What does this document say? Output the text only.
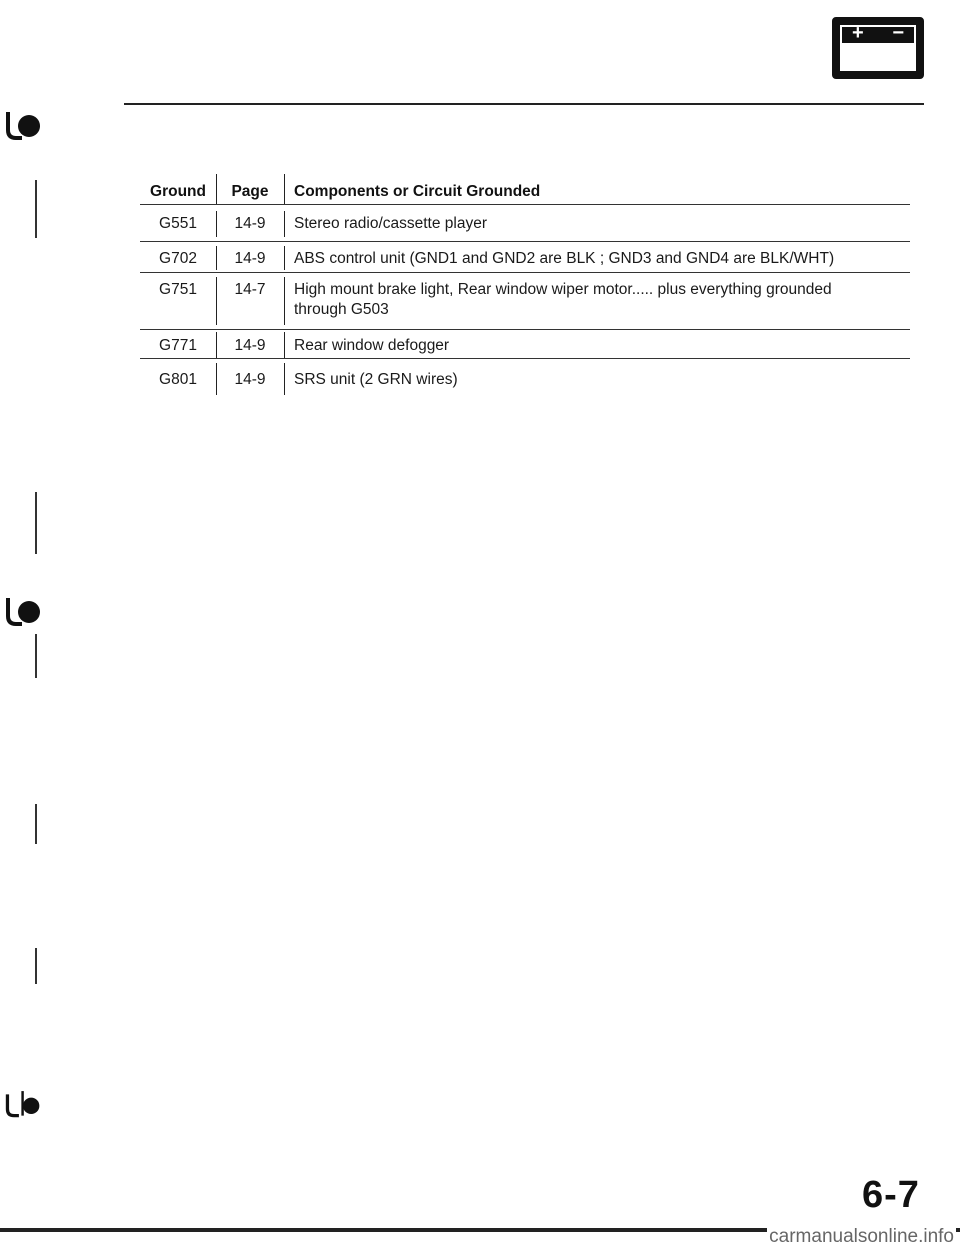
+ −
Ground	Page	Components or Circuit Grounded
G551	14-9	Stereo radio/cassette player
G702	14-9	ABS control unit (GND1 and GND2 are BLK ; GND3 and GND4 are BLK/WHT)
G751	14-7	High mount brake light, Rear window wiper motor..... plus everything grounded
through G503
G771	14-9	Rear window defogger
G801	14-9	SRS unit (2 GRN wires)
6-7
carmanualsonline.info
